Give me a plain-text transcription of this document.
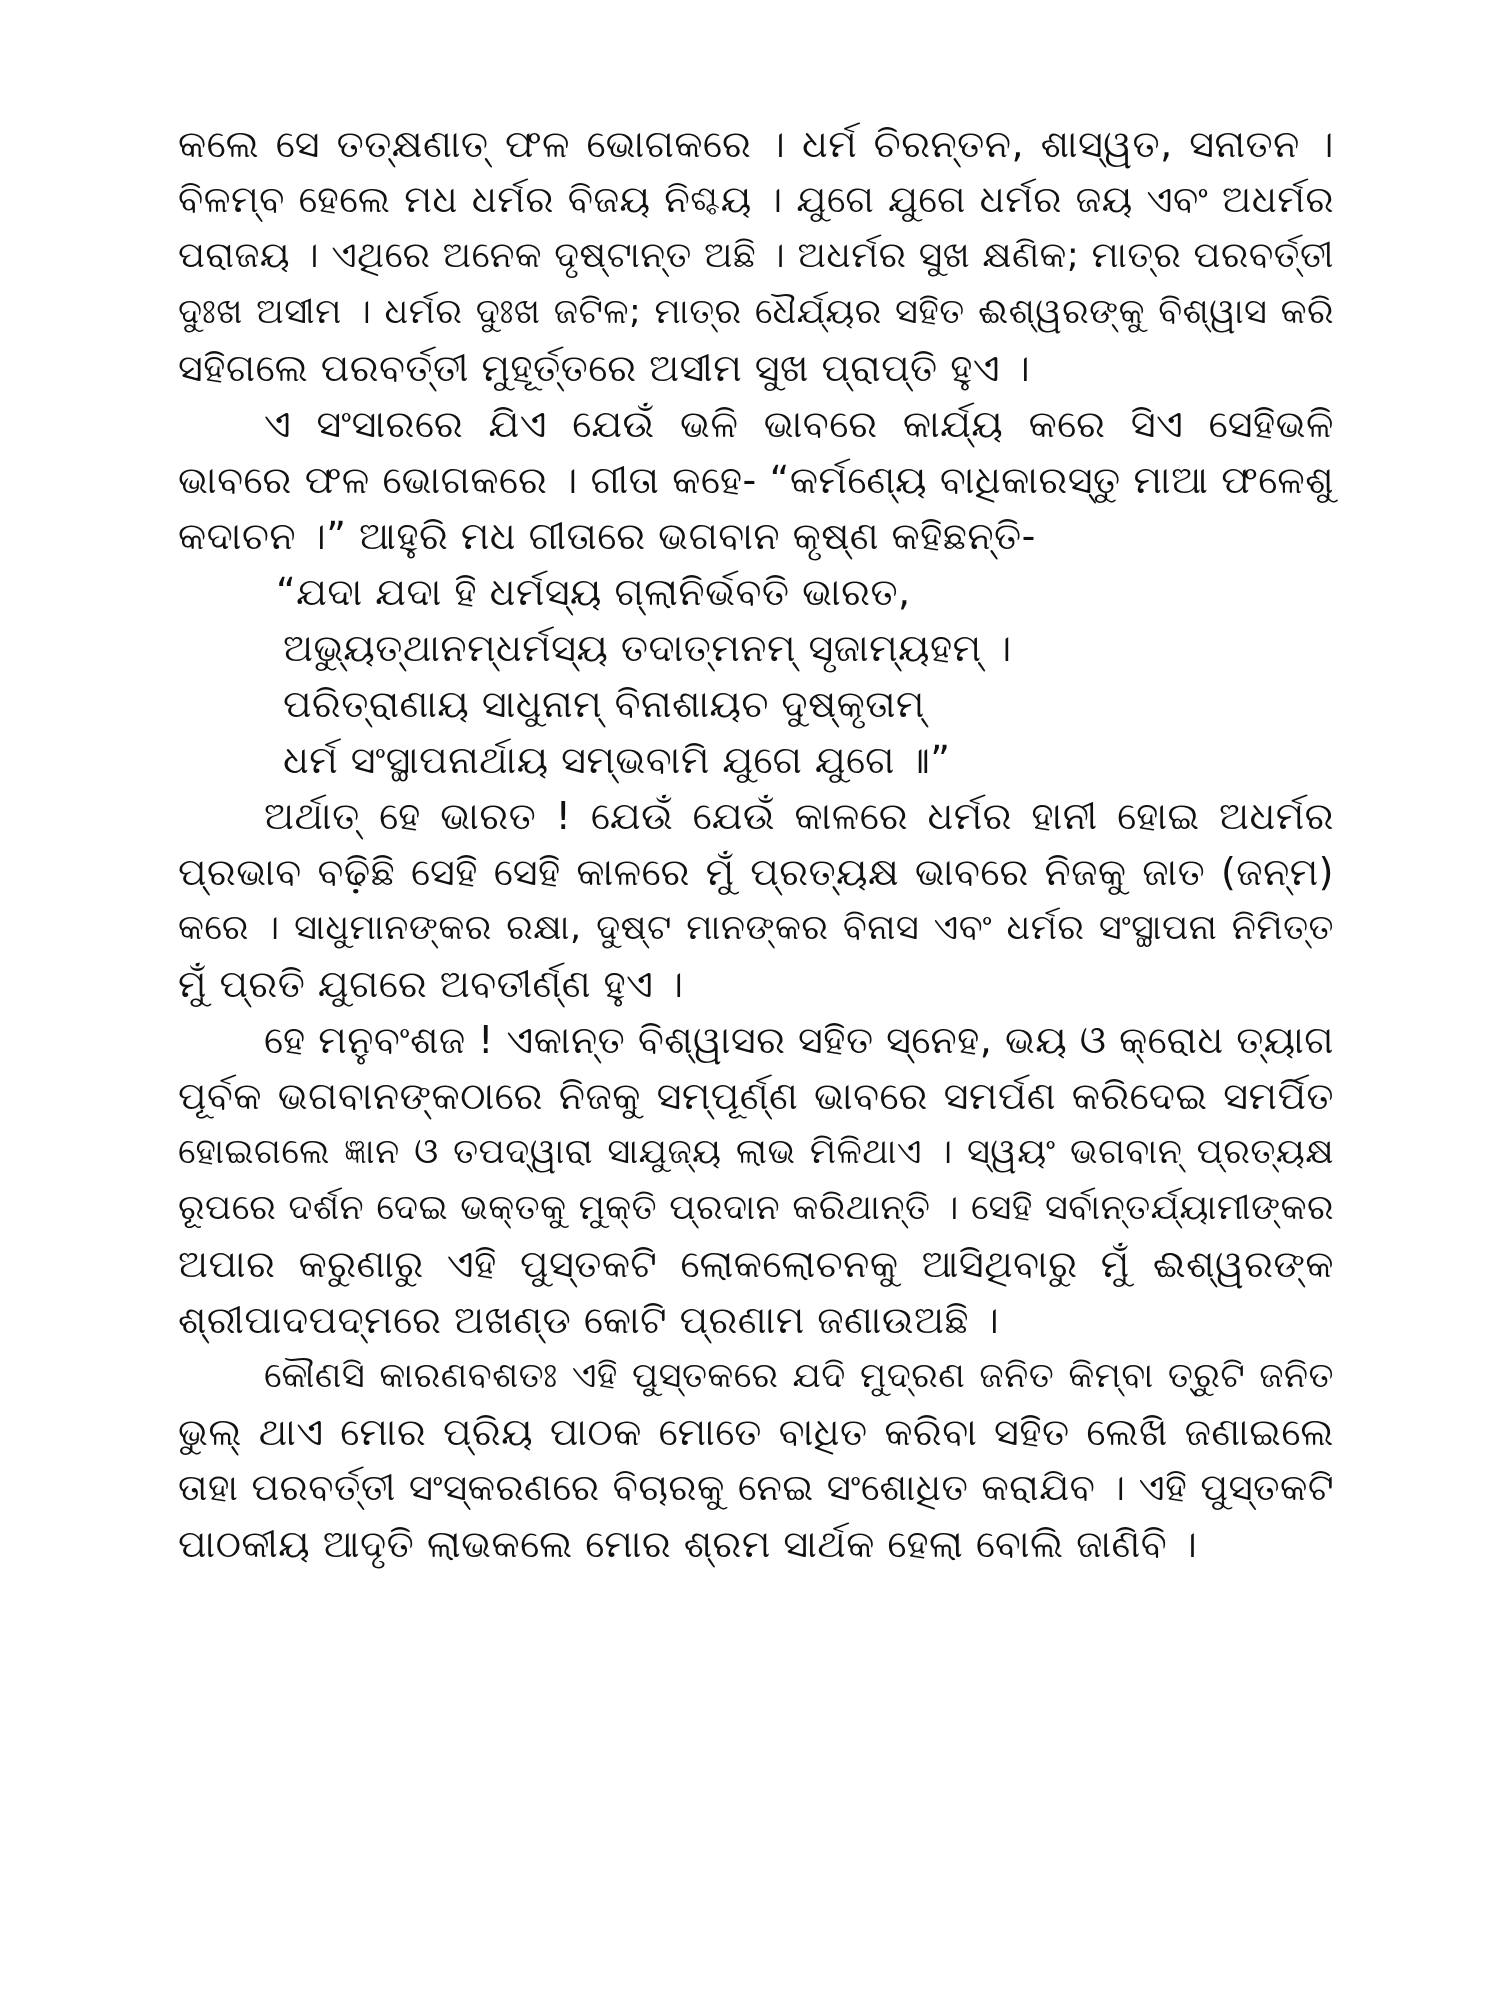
କଲେ ସେ ତତ୍‌କ୍ଷଣାତ୍ ଫଳ ଭୋଗକରେ । ଧର୍ମ ଚିରନ୍ତନ, ଶାସ୍ୱତ, ସନାତନ ।
ବିଳମ୍ବ ହେଲେ ମଧ ଧର୍ମର ବିଜୟ ନିଶ୍ଚୟ । ଯୁଗେ ଯୁଗେ ଧର୍ମର ଜୟ ଏବଂ ଅଧର୍ମର
ପରାଜୟ । ଏଥିରେ ଅନେକ ଦୃଷ୍ଟାନ୍ତ ଅଛି । ଅଧର୍ମର ସୁଖ କ୍ଷଣିକ; ମାତ୍ର ପରବର୍ତ୍ତୀ
ଦୁଃଖ ଅସୀମ । ଧର୍ମର ଦୁଃଖ ଜଟିଳ; ମାତ୍ର ଧୈର୍ଯ୍ୟର ସହିତ ଈଶ୍ୱରଙ୍କୁ ବିଶ୍ୱାସ କରି
ସହିଗଲେ ପରବର୍ତ୍ତୀ ମୁହୂର୍ତ୍ତରେ ଅସୀମ ସୁଖ ପ୍ରାପ୍ତି ହୁଏ ।
ଏ ସଂସାରରେ ଯିଏ ଯେଉଁ ଭଳି ଭାବରେ କାର୍ଯ୍ୟ କରେ ସିଏ ସେହିଭଳି
ଭାବରେ ଫଳ ଭୋଗକରେ । ଗୀତା କହେ- “କର୍ମଣ୍ୟେ ବାଧିକାରସ୍ତୁ ମାଆ ଫଳେଶୁ
କଦାଚନ ।” ଆହୁରି ମଧ ଗୀତାରେ ଭଗବାନ କୃଷ୍ଣ କହିଛନ୍ତି-
“ଯଦା ଯଦା ହି ଧର୍ମସ୍ୟ ଗ୍ଲାନିର୍ଭବତି ଭାରତ,
ଅଭ୍ୟୁତ୍‌ଥାନମ୍‌ଧର୍ମସ୍ୟ ତଦାତ୍ମନମ୍ ସୃଜାମ୍ୟହମ୍ ।
ପରିତ୍ରାଣାୟ ସାଧୁନାମ୍ ବିନାଶାୟଚ ଦୁଷ୍କୃତାମ୍
ଧର୍ମ ସଂସ୍ଥାପନାର୍ଥାୟ ସମ୍ଭବାମି ଯୁଗେ ଯୁଗେ ॥”
ଅର୍ଥାତ୍ ହେ ଭାରତ ! ଯେଉଁ ଯେଉଁ କାଳରେ ଧର୍ମର ହାନୀ ହୋଇ ଅଧର୍ମର
ପ୍ରଭାବ ବଢ଼ିଛି ସେହି ସେହି କାଳରେ ମୁଁ ପ୍ରତ୍ୟକ୍ଷ ଭାବରେ ନିଜକୁ ଜାତ (ଜନ୍ମ)
କରେ । ସାଧୁମାନଙ୍କର ରକ୍ଷା, ଦୁଷ୍ଟ ମାନଙ୍କର ବିନାସ ଏବଂ ଧର୍ମର ସଂସ୍ଥାପନା ନିମିତ୍ତ
ମୁଁ ପ୍ରତି ଯୁଗରେ ଅବତୀର୍ଣ୍ଣ ହୁଏ ।
ହେ ମନୁବଂଶଜ ! ଏକାନ୍ତ ବିଶ୍ୱାସର ସହିତ ସ୍ନେହ, ଭୟ ଓ କ୍ରୋଧ ତ୍ୟାଗ
ପୂର୍ବକ ଭଗବାନଙ୍କଠାରେ ନିଜକୁ ସମ୍ପୂର୍ଣ୍ଣ ଭାବରେ ସମର୍ପଣ କରିଦେଇ ସମର୍ପିତ
ହୋଇଗଲେ ଜ୍ଞାନ ଓ ତପଦ୍ୱାରା ସାଯୁଜ୍ୟ ଲାଭ ମିଳିଥାଏ । ସ୍ୱୟଂ ଭଗବାନ୍ ପ୍ରତ୍ୟକ୍ଷ
ରୂପରେ ଦର୍ଶନ ଦେଇ ଭକ୍ତକୁ ମୁକ୍ତି ପ୍ରଦାନ କରିଥାନ୍ତି । ସେହି ସର୍ବାନ୍ତର୍ଯ୍ୟାମୀଙ୍କର
ଅପାର କରୁଣାରୁ ଏହି ପୁସ୍ତକଟି ଲୋକଲୋଚନକୁ ଆସିଥିବାରୁ ମୁଁ ଈଶ୍ୱରଙ୍କ
ଶ୍ରୀପାଦପଦ୍ମରେ ଅଖଣ୍ଡ କୋଟି ପ୍ରଣାମ ଜଣାଉଅଛି ।
କୌଣସି କାରଣବଶତଃ ଏହି ପୁସ୍ତକରେ ଯଦି ମୁଦ୍ରଣ ଜନିତ କିମ୍ବା ତ୍ରୁଟି ଜନିତ
ଭୁଲ୍ ଥାଏ ମୋର ପ୍ରିୟ ପାଠକ ମୋତେ ବାଧିତ କରିବା ସହିତ ଲେଖି ଜଣାଇଲେ
ତାହା ପରବର୍ତ୍ତୀ ସଂସ୍କରଣରେ ବିଚାରକୁ ନେଇ ସଂଶୋଧିତ କରାଯିବ । ଏହି ପୁସ୍ତକଟି
ପାଠକୀୟ ଆଦୃତି ଲାଭକଲେ ମୋର ଶ୍ରମ ସାର୍ଥକ ହେଲା ବୋଲି ଜାଣିବି ।
